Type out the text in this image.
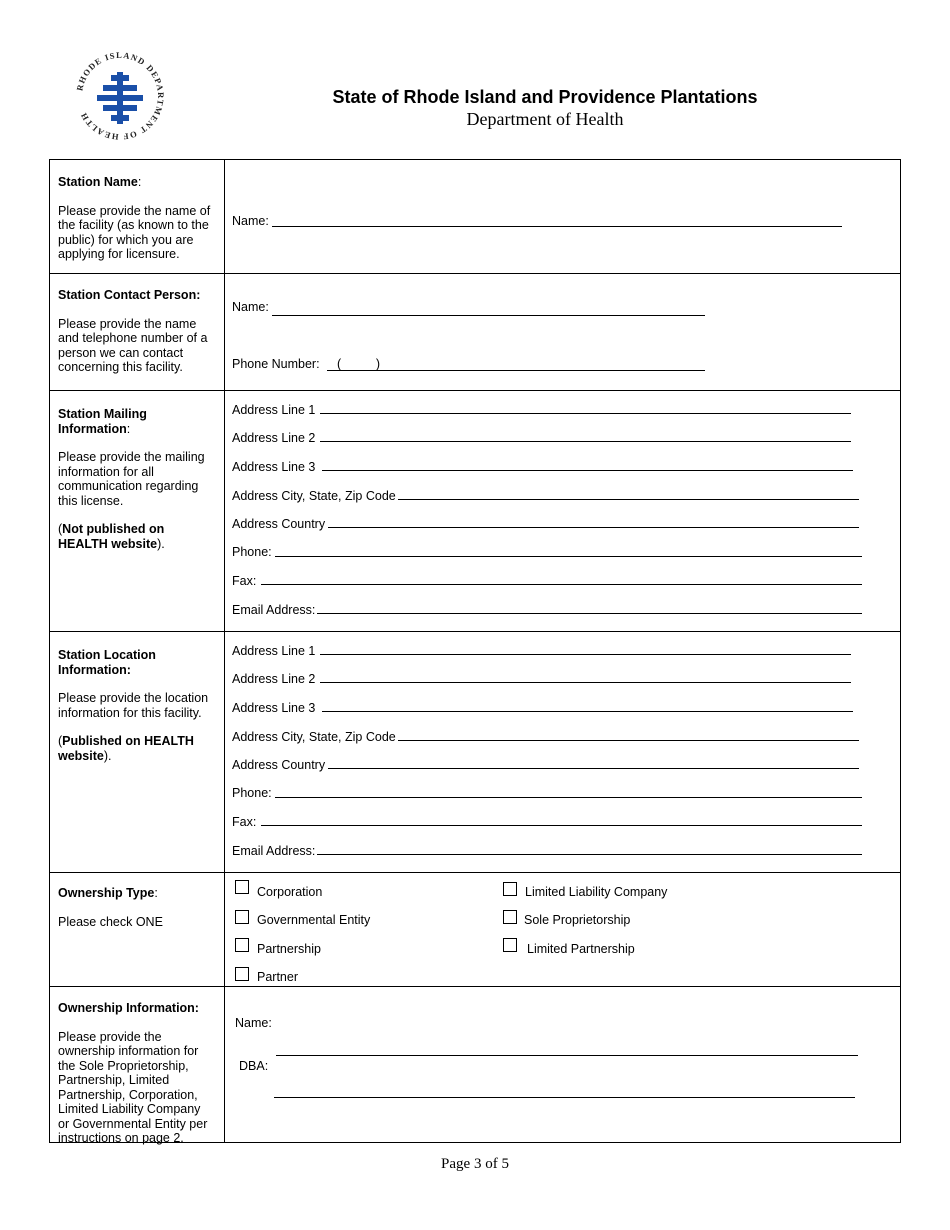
RHODE ISLAND DEPARTMENT OF HEALTH
State of Rhode Island and Providence Plantations
Department of Health

Station Name:

Please provide the name of the facility (as known to the public) for which you are applying for licensure.

Name:

Station Contact Person:

Please provide the name and telephone number of a person we can contact concerning this facility.

Name:
Phone Number: (          )

Station Mailing Information:

Please provide the mailing information for all communication regarding this license.

(Not published on HEALTH website).

Address Line 1
Address Line 2
Address Line 3
Address City, State, Zip Code
Address Country
Phone:
Fax:
Email Address:

Station Location Information:

Please provide the location information for this facility.

(Published on HEALTH website).

Address Line 1
Address Line 2
Address Line 3
Address City, State, Zip Code
Address Country
Phone:
Fax:
Email Address:

Ownership Type:

Please check ONE

Corporation
Governmental Entity
Partnership
Partner
Limited Liability Company
Sole Proprietorship
Limited Partnership

Ownership Information:

Please provide the ownership information for the Sole Proprietorship, Partnership, Limited Partnership, Corporation, Limited Liability Company or Governmental Entity per instructions on page 2.

Name:
DBA:
Page 3 of 5
